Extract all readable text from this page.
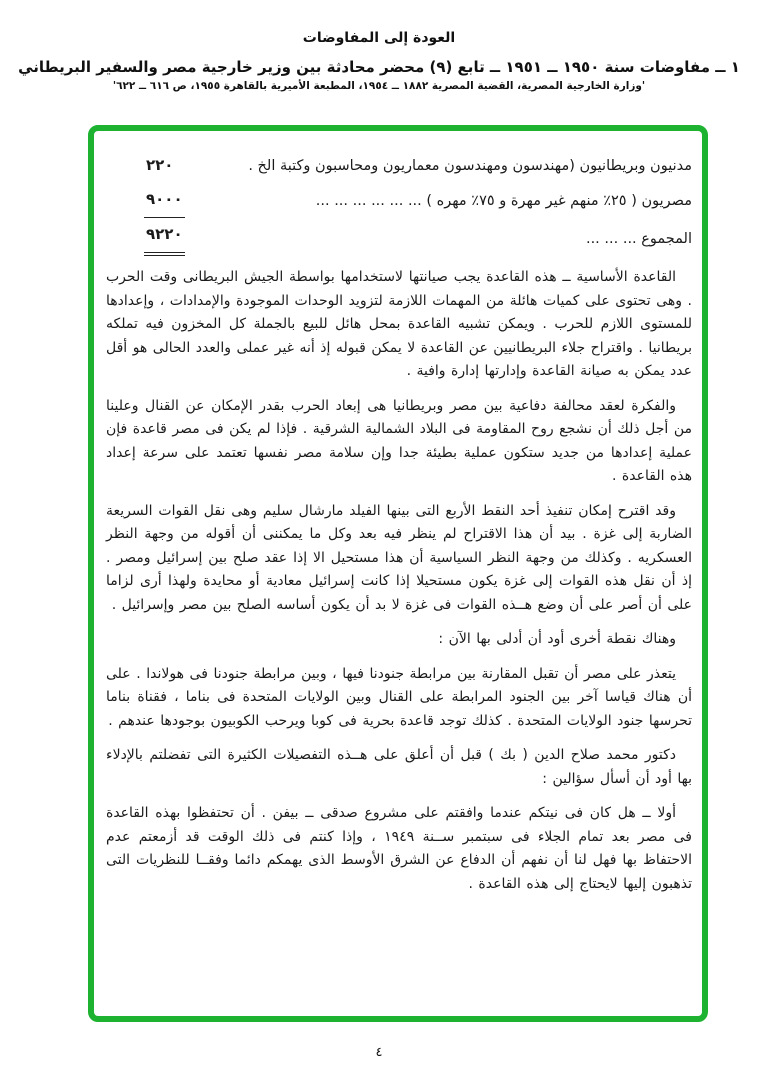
العودة إلى المفاوضات
١ ــ مفاوضات سنة ١٩٥٠ ــ ١٩٥١ ــ تابع (٩) محضر محادثة بين وزير خارجية مصر والسفير البريطاني
'وزارة الخارجية المصرية، القضية المصرية ١٨٨٢ ــ ١٩٥٤، المطبعة الأميرية بالقاهرة ١٩٥٥، ص ٦١٦ ــ ٦٢٢'
مدنيون وبريطانيون (مهندسون ومهندسون معماريون ومحاسبون وكتبة الخ .
٢٢٠
مصريون ( ٢٥٪ منهم غير مهرة و ٧٥٪ مهره ) ... ... ... ... ... ...
٩٠٠٠
المجموع ... ... ...
٩٢٢٠

القاعدة الأساسية ــ هذه القاعدة يجب صيانتها لاستخدامها بواسطة الجيش البريطانى وقت الحرب . وهى تحتوى على كميات هائلة من المهمات اللازمة لتزويد الوحدات الموجودة والإمدادات ، وإعدادها للمستوى اللازم للحرب . ويمكن تشبيه القاعدة بمحل هائل للبيع بالجملة كل المخزون فيه تملكه بريطانيا . واقتراح جلاء البريطانيين عن القاعدة لا يمكن قبوله إذ أنه غير عملى والعدد الحالى هو أقل عدد يمكن به صيانة القاعدة وإدارتها إدارة وافية .

والفكرة لعقد محالفة دفاعية بين مصر وبريطانيا هى إبعاد الحرب بقدر الإمكان عن القنال وعلينا من أجل ذلك أن نشجع روح المقاومة فى البلاد الشمالية الشرقية . فإذا لم يكن فى مصر قاعدة فإن عملية إعدادها من جديد ستكون عملية بطيئة جدا وإن سلامة مصر نفسها تعتمد على سرعة إعداد هذه القاعدة .

وقد اقترح إمكان تنفيذ أحد النقط الأربع التى بينها الفيلد مارشال سليم وهى نقل القوات السريعة الضاربة إلى غزة . بيد أن هذا الاقتراح لم ينظر فيه بعد وكل ما يمكننى أن أقوله من وجهة النظر العسكريه . وكذلك من وجهة النظر السياسية أن هذا مستحيل الا إذا عقد صلح بين إسرائيل ومصر . إذ أن نقل هذه القوات إلى غزة يكون مستحيلا إذا كانت إسرائيل معادية أو محايدة ولهذا أرى لزاما على أن أصر على أن وضع هــذه القوات فى غزة لا بد أن يكون أساسه الصلح بين مصر وإسرائيل .

وهناك نقطة أخرى أود أن أدلى بها الآن :

يتعذر على مصر أن تقبل المقارنة بين مرابطة جنودنا فيها ، وبين مرابطة جنودنا فى هولاندا . على أن هناك قياسا آخر بين الجنود المرابطة على القنال وبين الولايات المتحدة فى بناما ، فقناة بناما تحرسها جنود الولايات المتحدة . كذلك توجد قاعدة بحرية فى كوبا ويرحب الكوبيون بوجودها عندهم .

دكتور محمد صلاح الدين ( بك ) قبل أن أعلق على هــذه التفصيلات الكثيرة التى تفضلتم بالإدلاء بها أود أن أسأل سؤالين :

أولا ــ هل كان فى نيتكم عندما وافقتم على مشروع صدقى ــ بيفن . أن تحتفظوا بهذه القاعدة فى مصر بعد تمام الجلاء فى سبتمبر ســنة ١٩٤٩ ، وإذا كنتم فى ذلك الوقت قد أزمعتم عدم الاحتفاظ بها فهل لنا أن نفهم أن الدفاع عن الشرق الأوسط الذى يهمكم دائما وفقــا للنظريات التى تذهبون إليها لايحتاج إلى هذه القاعدة .

٤
